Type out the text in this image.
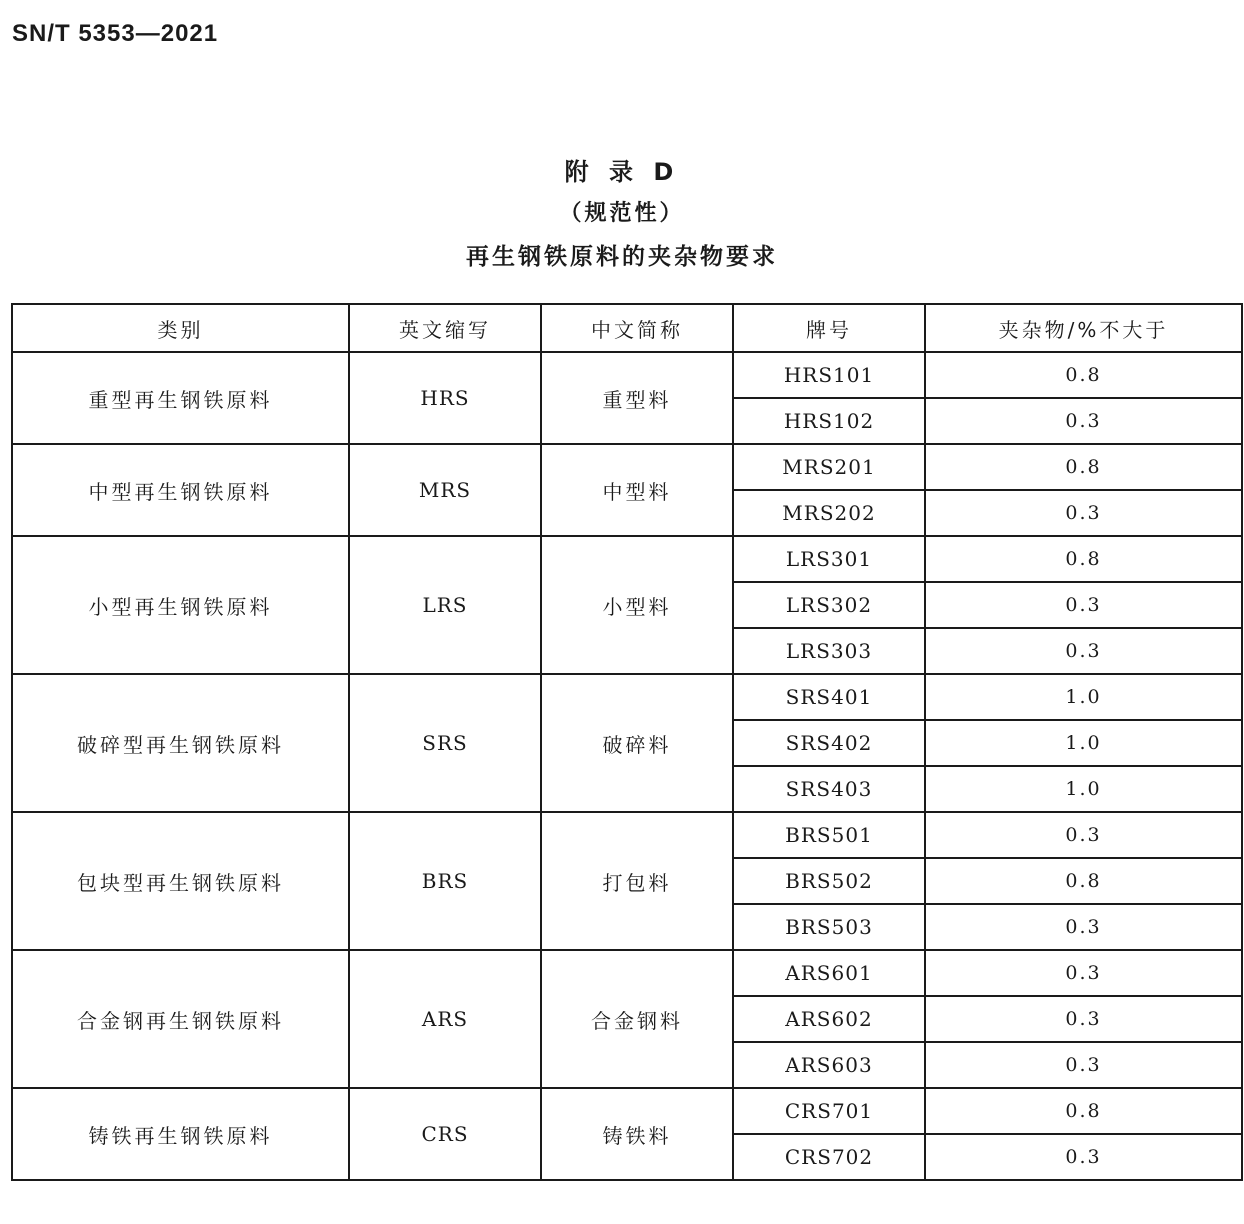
SN/T 5353—2021
附 录 D
（规范性）
再生钢铁原料的夹杂物要求
类别	英文缩写	中文简称	牌号	夹杂物/%不大于
重型再生钢铁原料	HRS	重型料	HRS101	0.8
			HRS102	0.3
中型再生钢铁原料	MRS	中型料	MRS201	0.8
			MRS202	0.3
小型再生钢铁原料	LRS	小型料	LRS301	0.8
			LRS302	0.3
			LRS303	0.3
破碎型再生钢铁原料	SRS	破碎料	SRS401	1.0
			SRS402	1.0
			SRS403	1.0
包块型再生钢铁原料	BRS	打包料	BRS501	0.3
			BRS502	0.8
			BRS503	0.3
合金钢再生钢铁原料	ARS	合金钢料	ARS601	0.3
			ARS602	0.3
			ARS603	0.3
铸铁再生钢铁原料	CRS	铸铁料	CRS701	0.8
			CRS702	0.3
